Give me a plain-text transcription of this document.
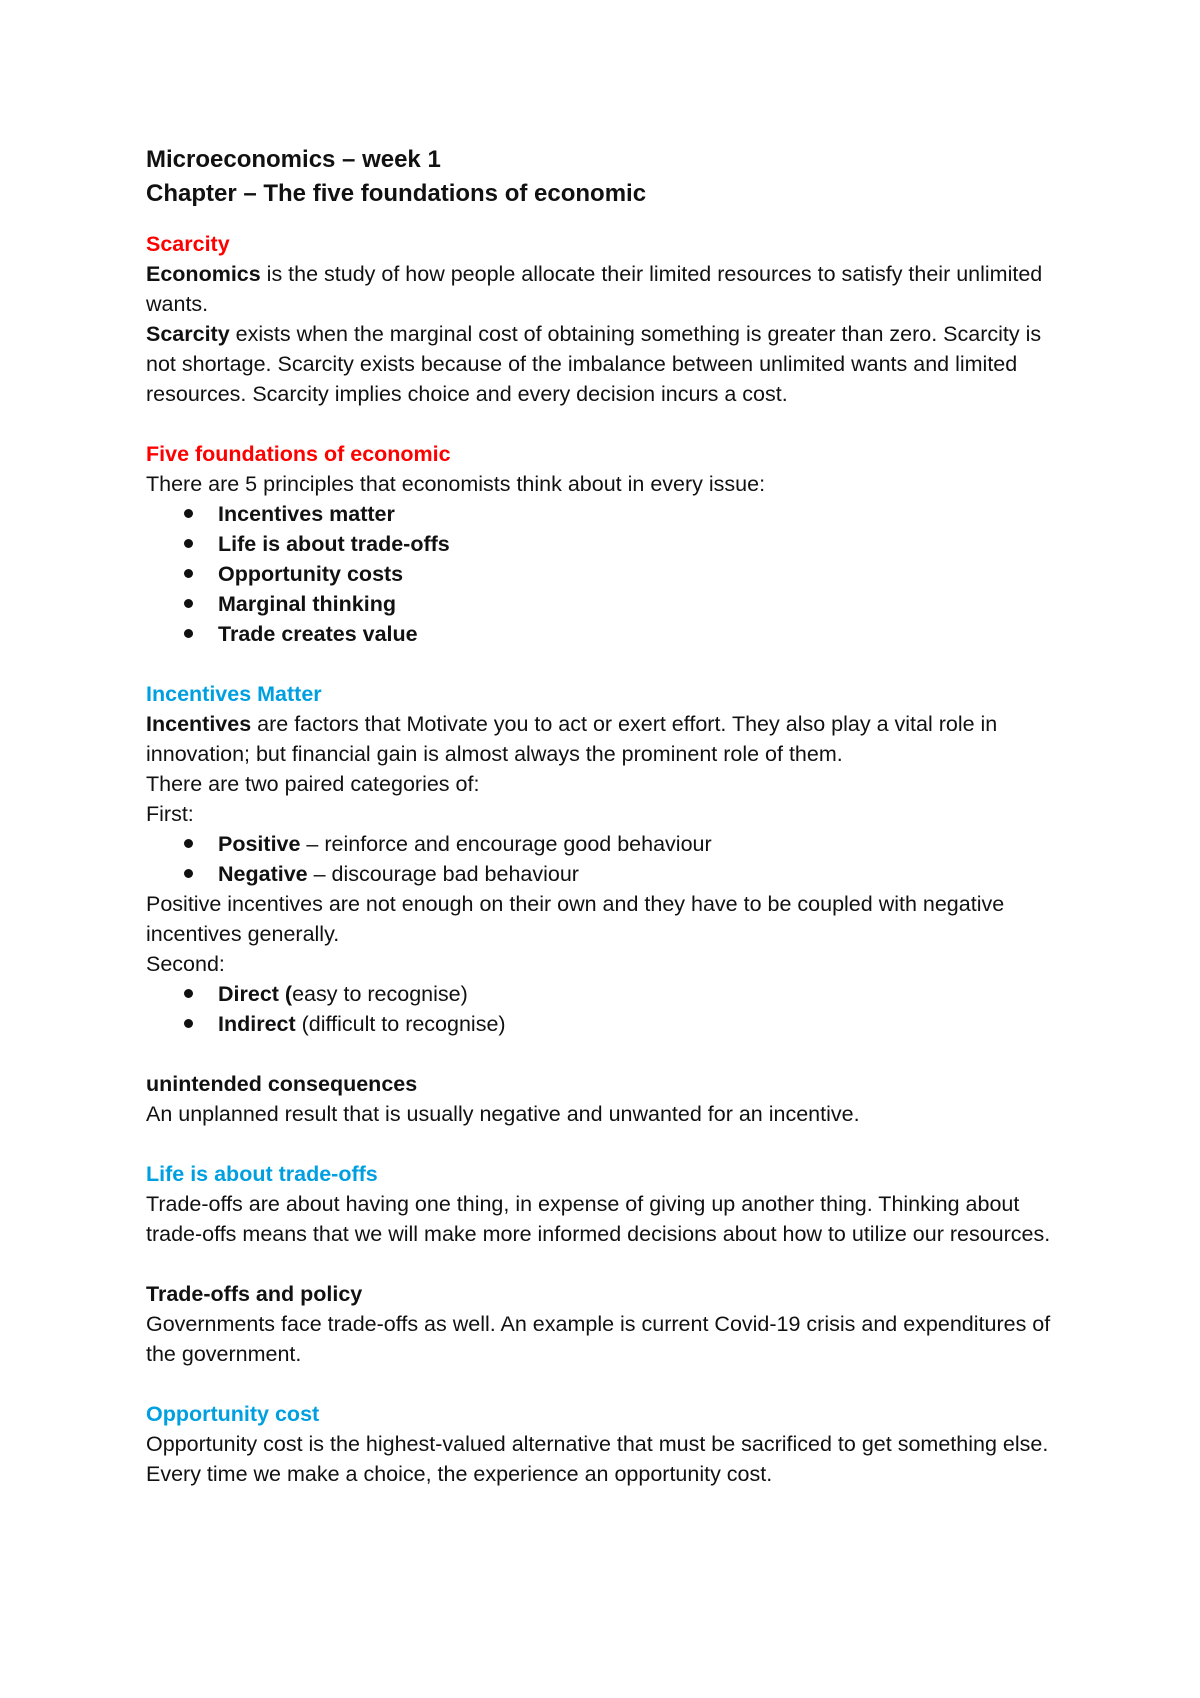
Microeconomics – week 1

Chapter – The five foundations of economic

Scarcity

Economics is the study of how people allocate their limited resources to satisfy their unlimited wants.

Scarcity exists when the marginal cost of obtaining something is greater than zero. Scarcity is not shortage. Scarcity exists because of the imbalance between unlimited wants and limited resources. Scarcity implies choice and every decision incurs a cost.

Five foundations of economic

There are 5 principles that economists think about in every issue:

Incentives matter
Life is about trade-offs
Opportunity costs
Marginal thinking
Trade creates value

Incentives Matter

Incentives are factors that Motivate you to act or exert effort. They also play a vital role in innovation; but financial gain is almost always the prominent role of them.

There are two paired categories of:

First:

Positive – reinforce and encourage good behaviour
Negative – discourage bad behaviour

Positive incentives are not enough on their own and they have to be coupled with negative incentives generally.

Second:

Direct (easy to recognise)
Indirect (difficult to recognise)

unintended consequences

An unplanned result that is usually negative and unwanted for an incentive.

Life is about trade-offs

Trade-offs are about having one thing, in expense of giving up another thing. Thinking about trade-offs means that we will make more informed decisions about how to utilize our resources.

Trade-offs and policy

Governments face trade-offs as well. An example is current Covid-19 crisis and expenditures of the government.

Opportunity cost

Opportunity cost is the highest-valued alternative that must be sacrificed to get something else. Every time we make a choice, the experience an opportunity cost.
